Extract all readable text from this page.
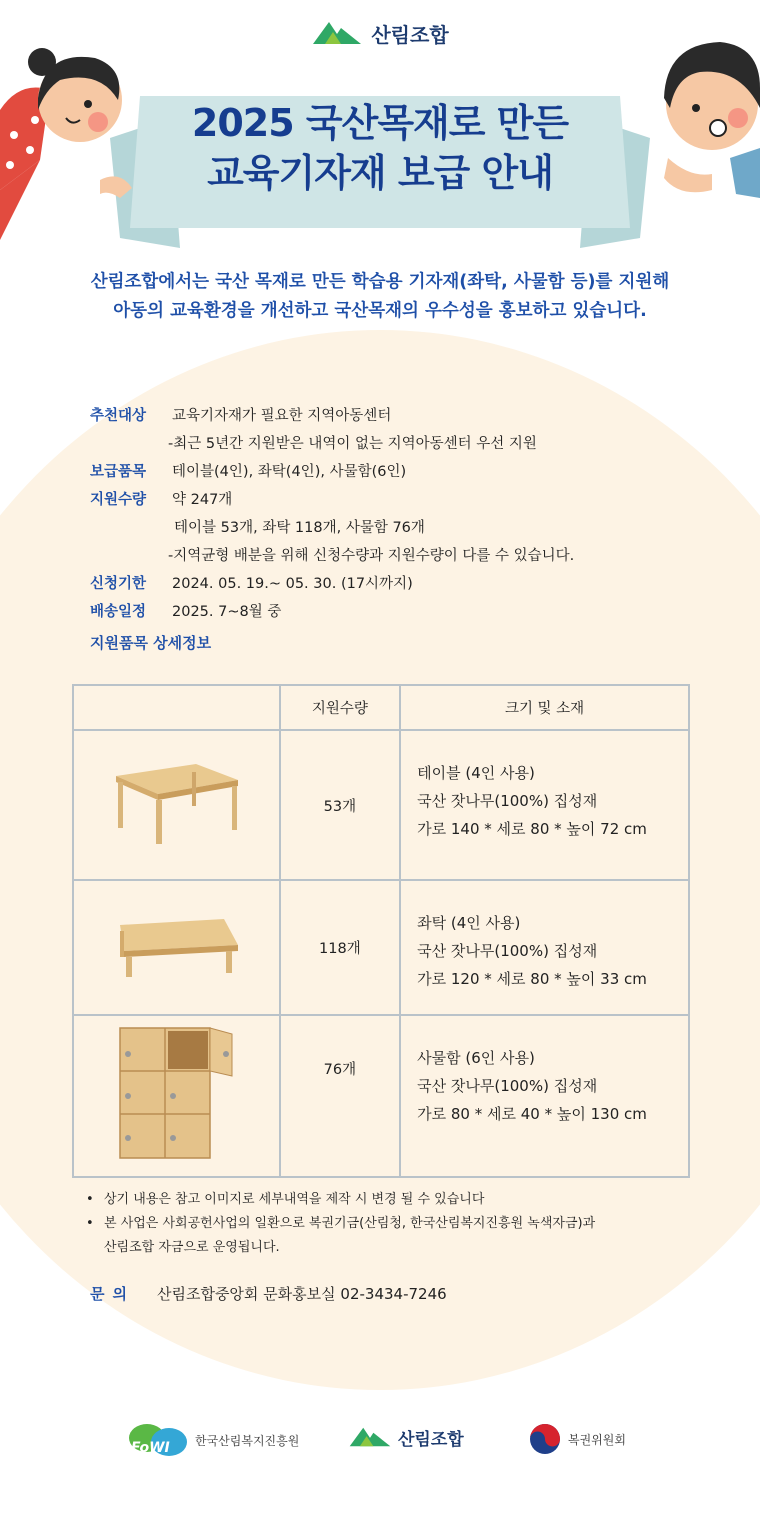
산림조합
2025 국산목재로 만든
교육기자재 보급 안내
산림조합에서는 국산 목재로 만든 학습용 기자재(좌탁, 사물함 등)를 지원해
아동의 교육환경을 개선하고 국산목재의 우수성을 홍보하고 있습니다.
추천대상	교육기자재가 필요한 지역아동센터
-최근 5년간 지원받은 내역이 없는 지역아동센터 우선 지원
보급품목	테이블(4인), 좌탁(4인), 사물함(6인)
지원수량	약 247개
테이블 53개, 좌탁 118개, 사물함 76개
-지역균형 배분을 위해 신청수량과 지원수량이 다를 수 있습니다.
신청기한	2024. 05. 19.~ 05. 30. (17시까지)
배송일정	2025. 7~8월 중
지원품목 상세정보
	지원수량	크기 및 소재
	53개	테이블 (4인 사용)
국산 잣나무(100%) 집성재
가로 140 * 세로 80 * 높이 72 cm

	118개	좌탁 (4인 사용)
국산 잣나무(100%) 집성재
가로 120 * 세로 80 * 높이 33 cm

	76개	사물함 (6인 사용)
국산 잣나무(100%) 집성재
가로 80 * 세로 40 * 높이 130 cm
• 상기 내용은 참고 이미지로 세부내역을 제작 시 변경 될 수 있습니다
• 본 사업은 사회공헌사업의 일환으로 복권기금(산림청, 한국산림복지진흥원 녹색자금)과
산림조합 자금으로 운영됩니다.
문의 산림조합중앙회 문화홍보실 02-3434-7246
FoWI 한국산림복지진흥원	산림조합	복권위원회
